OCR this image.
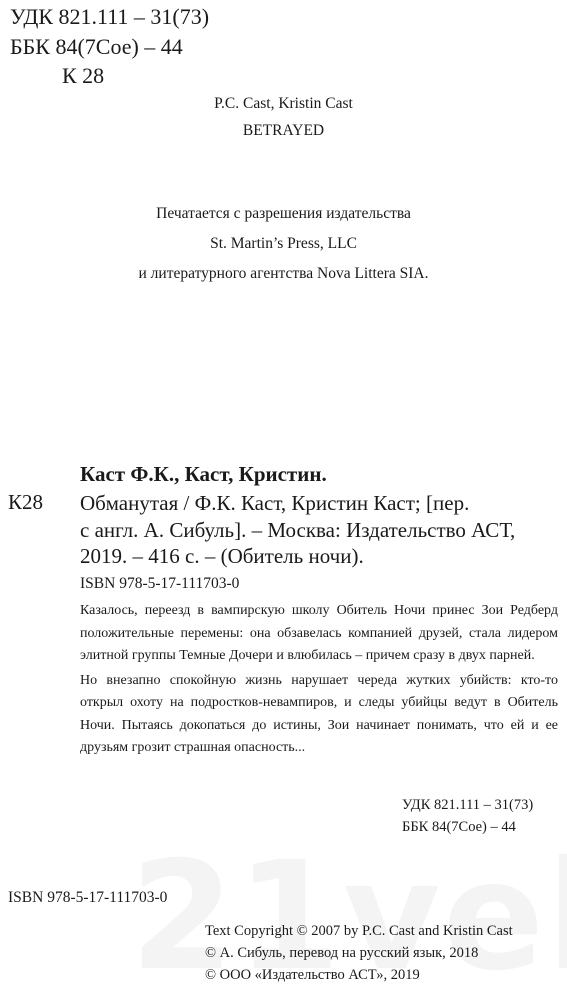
УДК 821.111 – 31(73)
ББК 84(7Сое) – 44
К 28
P.C. Cast, Kristin Cast
BETRAYED
Печатается с разрешения издательства
St. Martin’s Press, LLC
и литературного агентства Nova Littera SIA.
Каст Ф.К., Каст, Кристин.
К28 Обманутая / Ф.К. Каст, Кристин Каст; [пер.
с англ. А. Сибуль]. – Москва: Издательство АСТ,
2019. – 416 с. – (Обитель ночи).
ISBN 978-5-17-111703-0

Казалось, переезд в вампирскую школу Обитель Ночи принес Зои Редберд положительные перемены: она обзавелась компанией друзей, стала лидером элитной группы Темные Дочери и влюбилась – причем сразу в двух парней.

Но внезапно спокойную жизнь нарушает череда жутких убийств: кто-то открыл охоту на подростков-невампиров, и следы убийцы ведут в Обитель Ночи. Пытаясь докопаться до истины, Зои начинает понимать, что ей и ее друзьям грозит страшная опасность...

УДК 821.111 – 31(73)
ББК 84(7Сое) – 44
ISBN 978-5-17-111703-0
Text Copyright © 2007 by P.C. Cast and Kristin Cast
© А. Сибуль, перевод на русский язык, 2018
© ООО «Издательство АСТ», 2019
